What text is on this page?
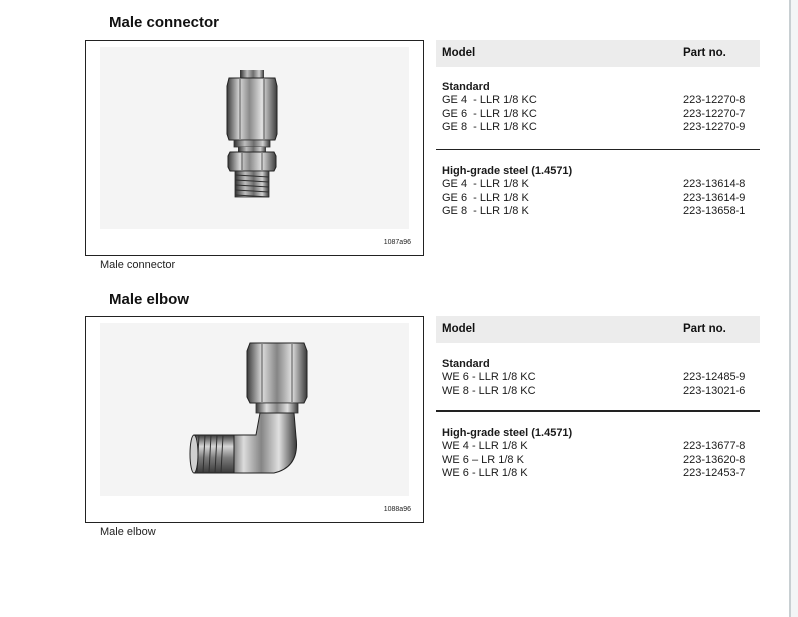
Male connector
1087a96
Male connector
Model	Part no.
Standard
GE 4  - LLR 1/8 KC	223-12270-8
GE 6  - LLR 1/8 KC	223-12270-7
GE 8  - LLR 1/8 KC	223-12270-9
High-grade steel (1.4571)
GE 4  - LLR 1/8 K	223-13614-8
GE 6  - LLR 1/8 K	223-13614-9
GE 8  - LLR 1/8 K	223-13658-1
Male elbow
1088a96
Male elbow
Model	Part no.
Standard
WE 6 - LLR 1/8 KC	223-12485-9
WE 8 - LLR 1/8 KC	223-13021-6
High-grade steel (1.4571)
WE 4 - LLR 1/8 K	223-13677-8
WE 6 – LR 1/8 K	223-13620-8
WE 6 - LLR 1/8 K	223-12453-7
